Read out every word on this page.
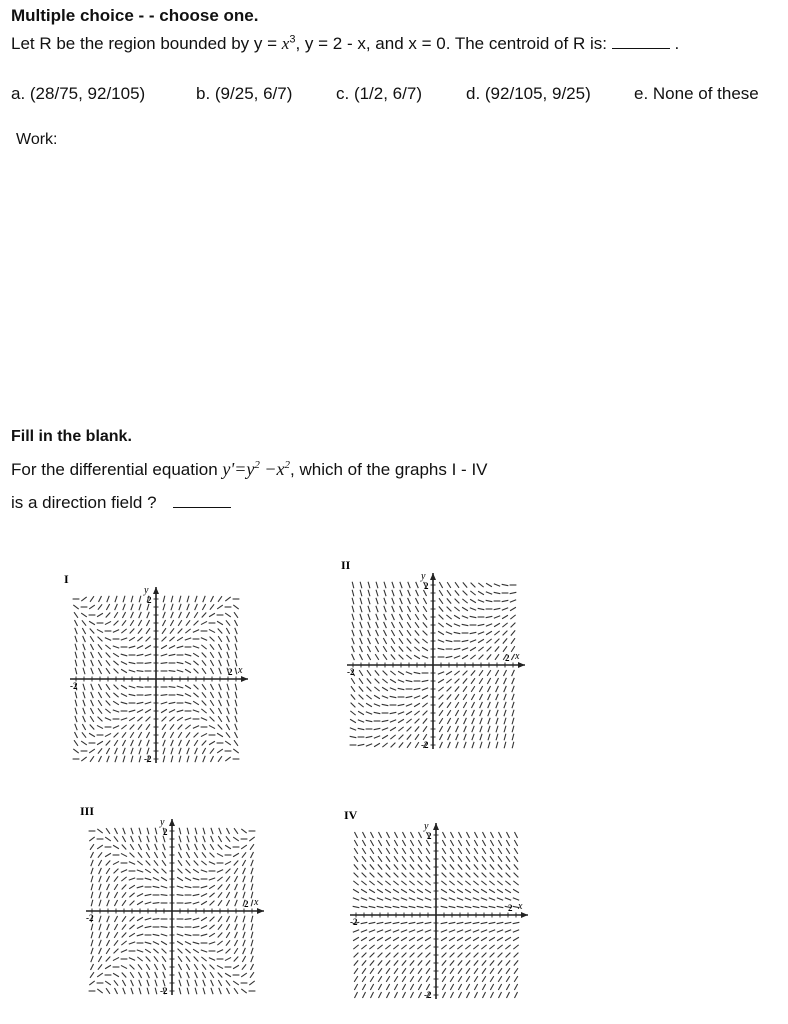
Multiple choice - - choose one.
Let R be the region bounded by $y = x^3$, y = 2 - x, and x = 0. The centroid of R is:	.
a. (28/75, 92/105)	b. (9/25, 6/7)	c. (1/2, 6/7)	d. (92/105, 9/25)	e. None of these
Work:
Fill in the blank.
For the differential equation $y'=y^2 -x^2$, which of the graphs I - IV
is a direction field ?
I
x
y
2
-2
2
-2
II
x
y
2
-2
2
-2
III
x
y
2
-2
2
-2
IV
x
y
2
-2
2
-2
